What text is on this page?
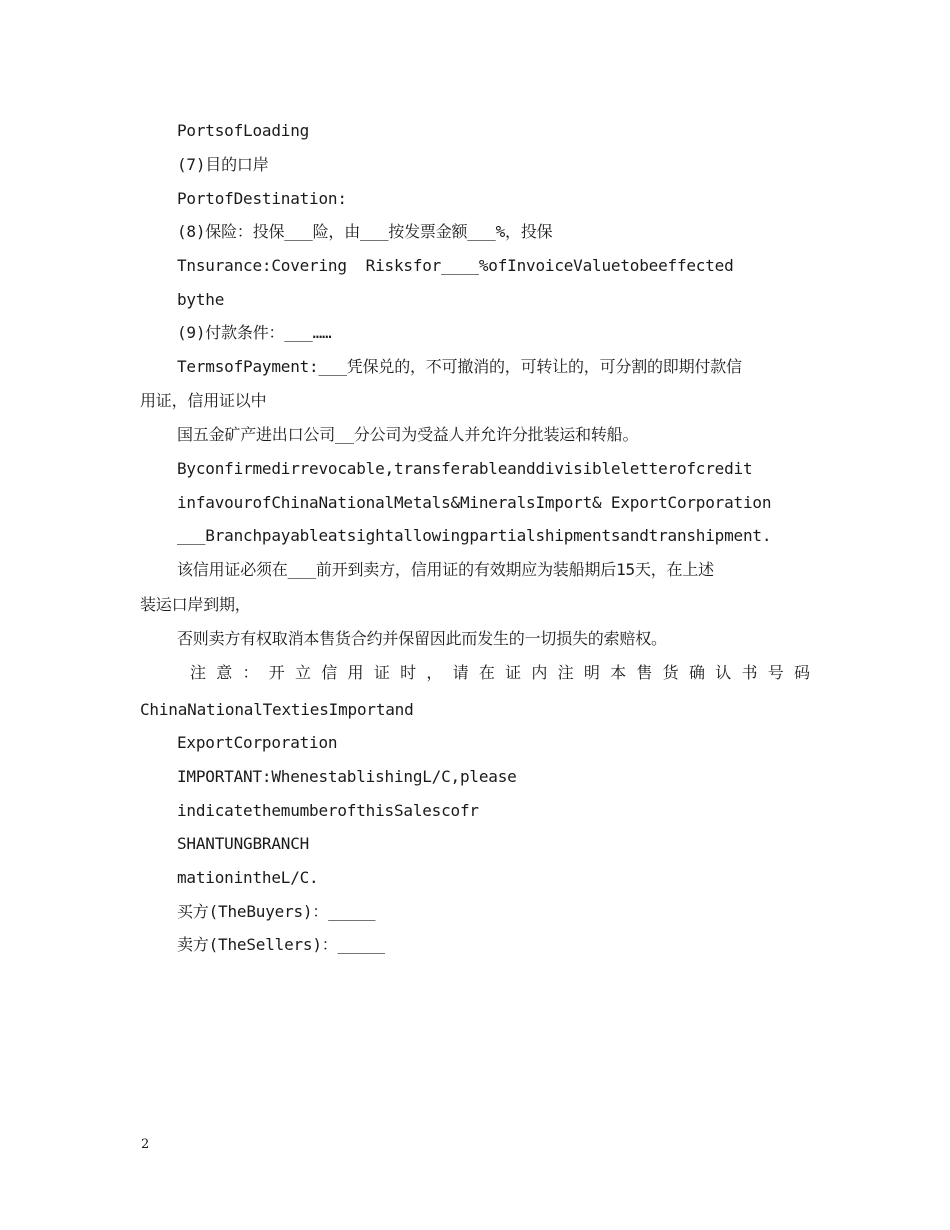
PortsofLoading
(7)目的口岸
PortofDestination:
(8)保险：投保___险，由___按发票金额___%，投保
Tnsurance:Covering  Risksfor____%ofInvoiceValuetobeeffected
bythe
(9)付款条件：___……
TermsofPayment:___凭保兑的，不可撤消的，可转让的，可分割的即期付款信
用证，信用证以中
国五金矿产进出口公司__分公司为受益人并允许分批装运和转船。
Byconfirmedirrevocable,transferableanddivisibleletterofcredit
infavourofChinaNationalMetals&MineralsImport& ExportCorporation
___Branchpayableatsightallowingpartialshipmentsandtranshipment.
该信用证必须在___前开到卖方，信用证的有效期应为装船期后15天，在上述
装运口岸到期，
否则卖方有权取消本售货合约并保留因此而发生的一切损失的索赔权。
注意：开立信用证时，请在证内注明本售货确认书号码
ChinaNationalTextiesImportand
ExportCorporation
IMPORTANT:WhenestablishingL/C,please
indicatethemumberofthisSalescofr
SHANTUNGBRANCH
mationintheL/C.
买方(TheBuyers)：_____
卖方(TheSellers)：_____
2
